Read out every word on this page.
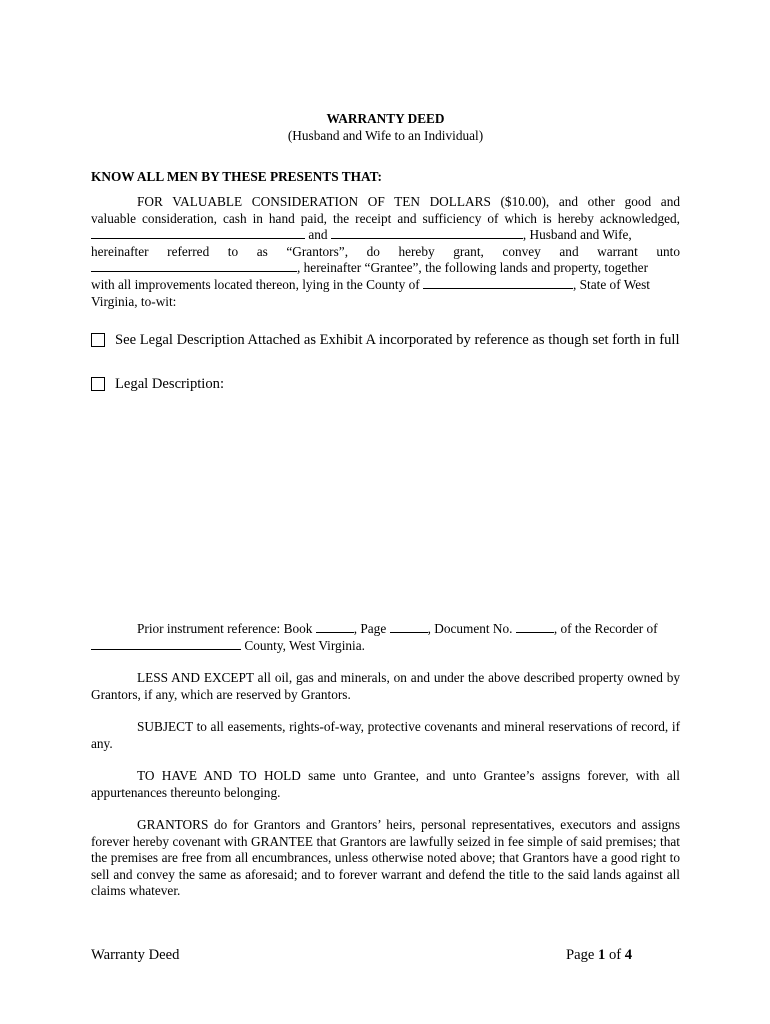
WARRANTY DEED
(Husband and Wife to an Individual)
KNOW ALL MEN BY THESE PRESENTS THAT:
FOR VALUABLE CONSIDERATION OF TEN DOLLARS ($10.00), and other good and
valuable consideration, cash in hand paid, the receipt and sufficiency of which is hereby acknowledged,
and	, Husband and Wife,
hereinafter referred to as “Grantors”, do hereby grant, convey and warrant unto
, hereinafter “Grantee”, the following lands and property, together
with all improvements located thereon, lying in the County of	, State of West
Virginia, to-wit:
See Legal Description Attached as Exhibit A incorporated by reference as though set forth in full
Legal Description:
Prior instrument reference: Book	, Page	, Document No.	, of the Recorder of
County, West Virginia.
LESS AND EXCEPT all oil, gas and minerals, on and under the above described property owned by Grantors, if any, which are reserved by Grantors.
SUBJECT to all easements, rights-of-way, protective covenants and mineral reservations of record, if any.
TO HAVE AND TO HOLD same unto Grantee, and unto Grantee’s assigns forever, with all appurtenances thereunto belonging.
GRANTORS do for Grantors and Grantors’ heirs, personal representatives, executors and assigns forever hereby covenant with GRANTEE that Grantors are lawfully seized in fee simple of said premises; that the premises are free from all encumbrances, unless otherwise noted above; that Grantors have a good right to sell and convey the same as aforesaid; and to forever warrant and defend the title to the said lands against all claims whatever.
Warranty Deed	Page 1 of 4
